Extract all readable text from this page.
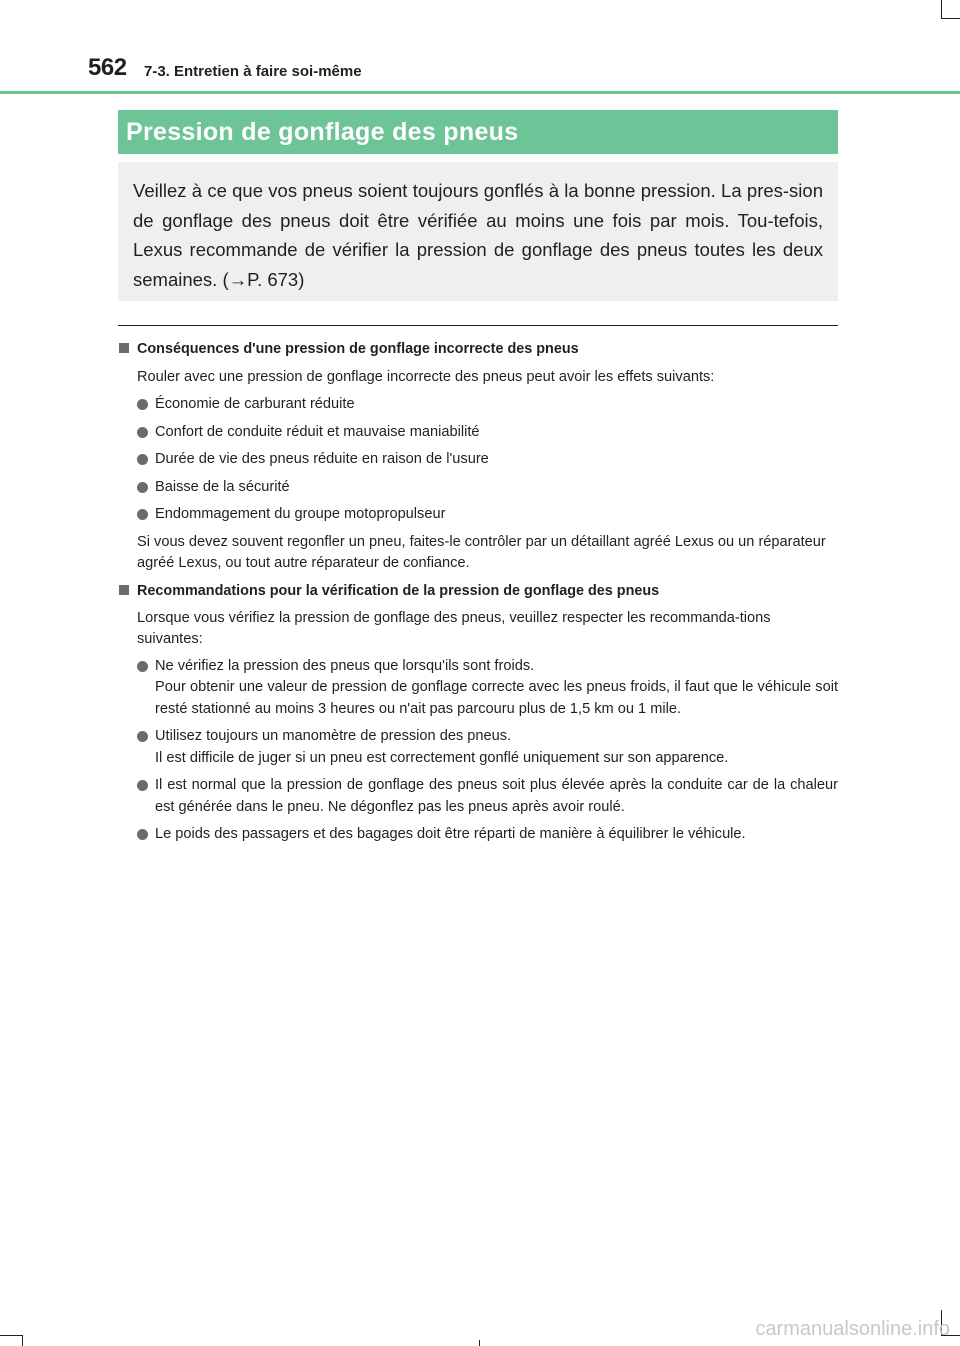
562 7-3. Entretien à faire soi-même
Pression de gonflage des pneus
Veillez à ce que vos pneus soient toujours gonflés à la bonne pression. La pres-sion de gonflage des pneus doit être vérifiée au moins une fois par mois. Tou-tefois, Lexus recommande de vérifier la pression de gonflage des pneus toutes les deux semaines. (→P. 673)
Conséquences d'une pression de gonflage incorrecte des pneus
Rouler avec une pression de gonflage incorrecte des pneus peut avoir les effets suivants:
Économie de carburant réduite
Confort de conduite réduit et mauvaise maniabilité
Durée de vie des pneus réduite en raison de l'usure
Baisse de la sécurité
Endommagement du groupe motopropulseur
Si vous devez souvent regonfler un pneu, faites-le contrôler par un détaillant agréé Lexus ou un réparateur agréé Lexus, ou tout autre réparateur de confiance.
Recommandations pour la vérification de la pression de gonflage des pneus
Lorsque vous vérifiez la pression de gonflage des pneus, veuillez respecter les recommanda-tions suivantes:
Ne vérifiez la pression des pneus que lorsqu'ils sont froids.
Pour obtenir une valeur de pression de gonflage correcte avec les pneus froids, il faut que le véhicule soit resté stationné au moins 3 heures ou n'ait pas parcouru plus de 1,5 km ou 1 mile.
Utilisez toujours un manomètre de pression des pneus.
Il est difficile de juger si un pneu est correctement gonflé uniquement sur son apparence.
Il est normal que la pression de gonflage des pneus soit plus élevée après la conduite car de la chaleur est générée dans le pneu. Ne dégonflez pas les pneus après avoir roulé.
Le poids des passagers et des bagages doit être réparti de manière à équilibrer le véhicule.
carmanualsonline.info
